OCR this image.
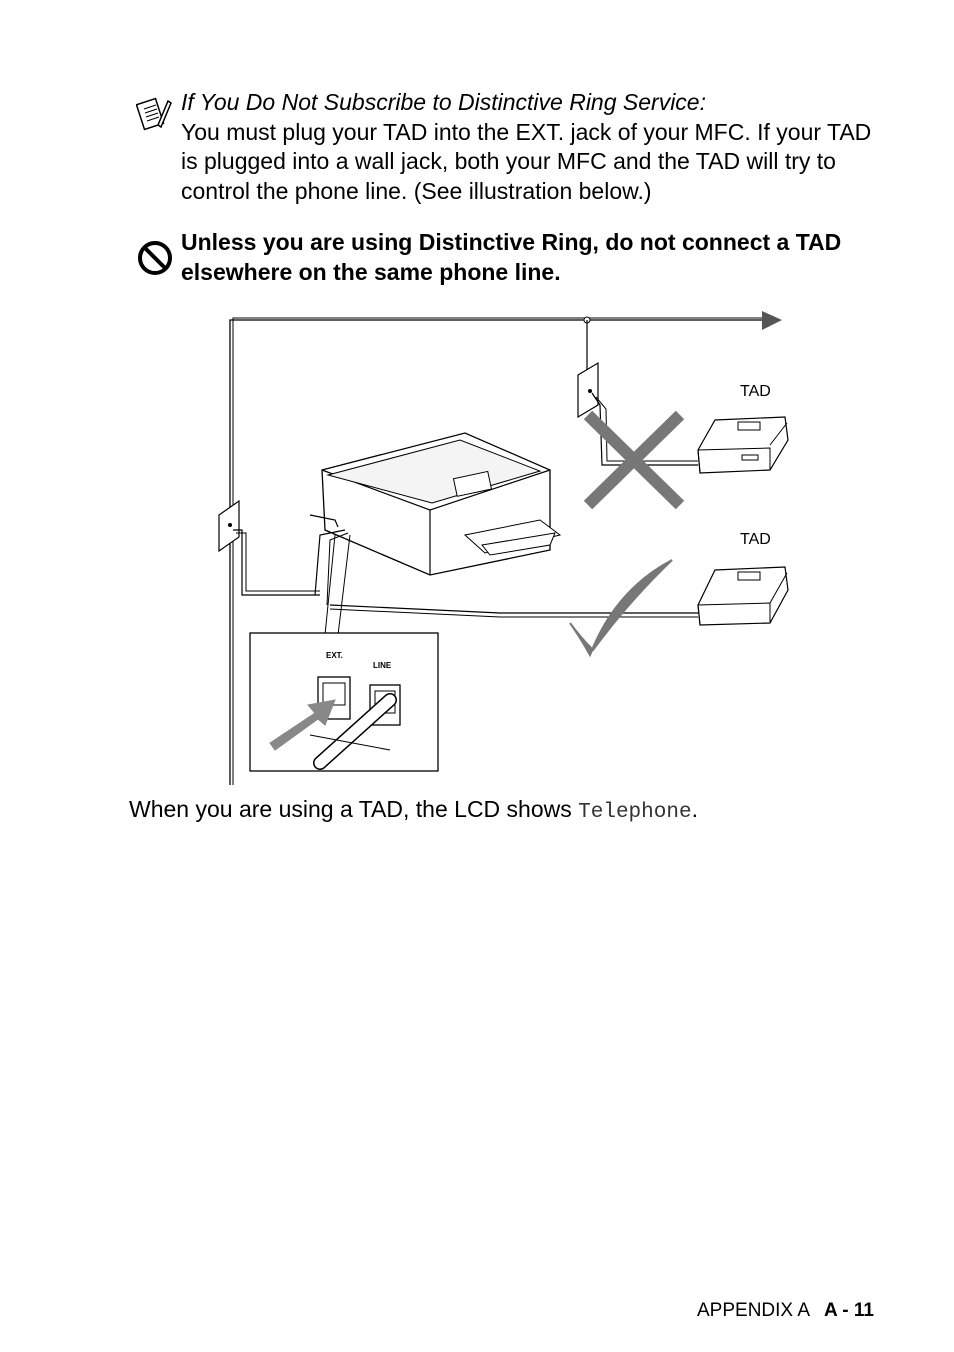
If You Do Not Subscribe to Distinctive Ring Service:
You must plug your TAD into the EXT. jack of your MFC. If your TAD is plugged into a wall jack, both your MFC and the TAD will try to control the phone line. (See illustration below.)
Unless you are using Distinctive Ring, do not connect a TAD elsewhere on the same phone line.
TAD
TAD
EXT.
LINE
When you are using a TAD, the LCD shows Telephone.
APPENDIX A A - 11
